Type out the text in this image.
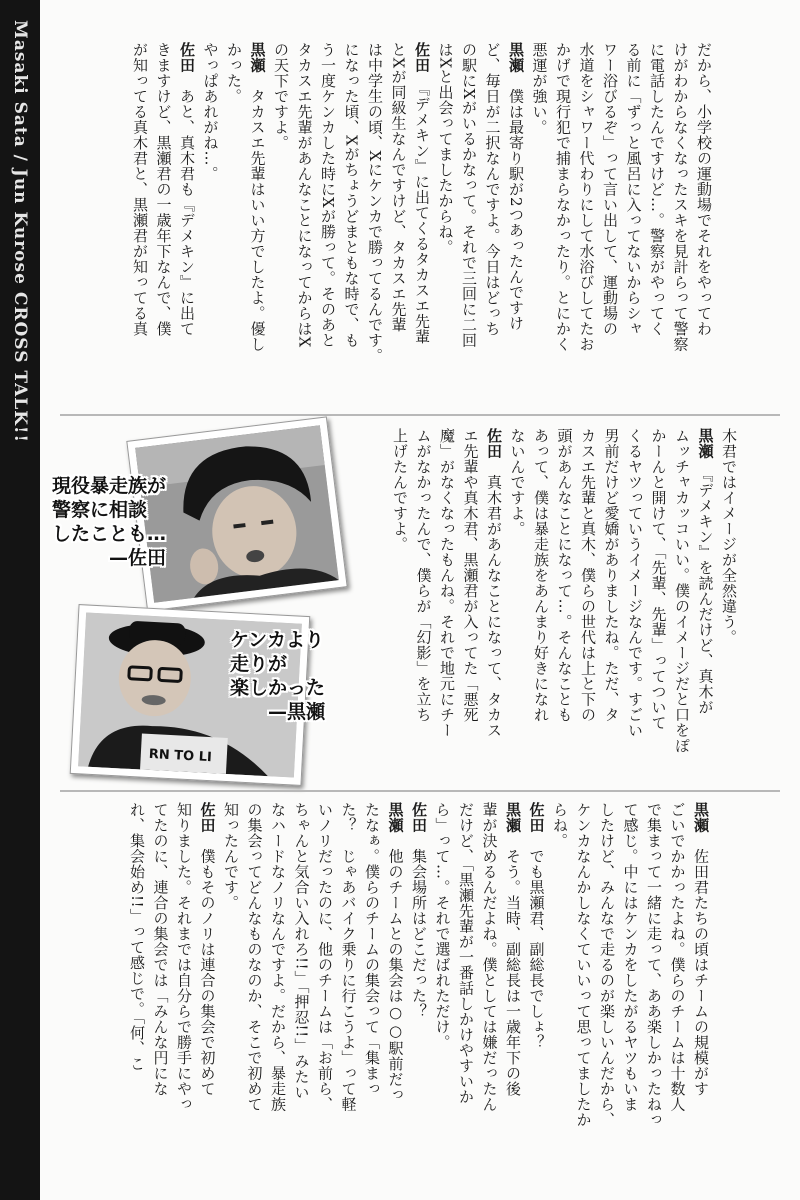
Masaki Sata / Jun Kurose CROSS TALK!!	だから、小学校の運動場でそれをやってわ
けがわからなくなったスキを見計らって警察
に電話したんですけど…。警察がやってく
る前に「ずっと風呂に入ってないからシャ
ワー浴びるぞ」って言い出して、運動場の
水道をシャワー代わりにして水浴びしてたお
かげで現行犯で捕まらなかったり。とにかく
悪運が強い。
黒瀬　僕は最寄り駅が2つあったんですけ
ど、毎日が二択なんですよ。今日はどっち
の駅にXがいるかなって。それで三回に二回
はXと出会ってましたからね。
佐田　『デメキン』に出てくるタカスエ先輩
とXが同級生なんですけど、タカスエ先輩
は中学生の頃、Xにケンカで勝ってるんです。
になった頃、Xがちょうどまともな時で、も
う一度ケンカした時にXが勝って。そのあと
タカスエ先輩があんなことになってからはX
の天下ですよ。
黒瀬　タカスエ先輩はいい方でしたよ。優し
かった。
やっぱあれがね…。
佐田　あと、真木君も『デメキン』に出て
きますけど、黒瀬君の一歳年下なんで、僕
が知ってる真木君と、黒瀬君が知ってる真
木君ではイメージが全然違う。
黒瀬　『デメキン』を読んだけど、真木が
ムッチャカッコいい。僕のイメージだと口をぽ
かーんと開けて、「先輩、先輩」ってついて
くるヤツっていうイメージなんです。すごい
男前だけど愛嬌がありましたね。ただ、タ
カスエ先輩と真木、僕らの世代は上と下の
頭があんなことになって…。そんなことも
あって、僕は暴走族をあんまり好きになれ
ないんですよ。
佐田　真木君があんなことになって、タカス
エ先輩や真木君、黒瀬君が入ってた「悪死
魔」がなくなったもんね。それで地元にチー
ムがなかったんで、僕らが「幻影」を立ち
上げたんですよ。
現役暴走族が
警察に相談
したことも…
—佐田
RN TO LI
ケンカより
走りが
楽しかった
—黒瀬
黒瀬　佐田君たちの頃はチームの規模がす
ごいでかかったよね。僕らのチームは十数人
で集まって一緒に走って、ああ楽しかったねっ
て感じ。中にはケンカをしたがるヤツもいま
したけど、みんなで走るのが楽しいんだから、
ケンカなんかしなくていいって思ってましたか
らね。
佐田　でも黒瀬君、副総長でしょ？
黒瀬　そう。当時、副総長は一歳年下の後
輩が決めるんだよね。僕としては嫌だったん
だけど、「黒瀬先輩が一番話しかけやすいか
ら」って…。それで選ばれただけ。
佐田　集会場所はどこだった？
黒瀬　他のチームとの集会は○○駅前だっ
たなぁ。僕らのチームの集会って「集まっ
た？　じゃあバイク乗りに行こうよ」って軽
いノリだったのに、他のチームは「お前ら、
ちゃんと気合い入れろ!!」「押忍!!」みたい
なハードなノリなんですよ。だから、暴走族
の集会ってどんなものなのか、そこで初めて
知ったんです。
佐田　僕もそのノリは連合の集会で初めて
知りました。それまでは自分らで勝手にやっ
てたのに、連合の集会では「みんな円にな
れ、集会始め!!」って感じで。「何、こ
